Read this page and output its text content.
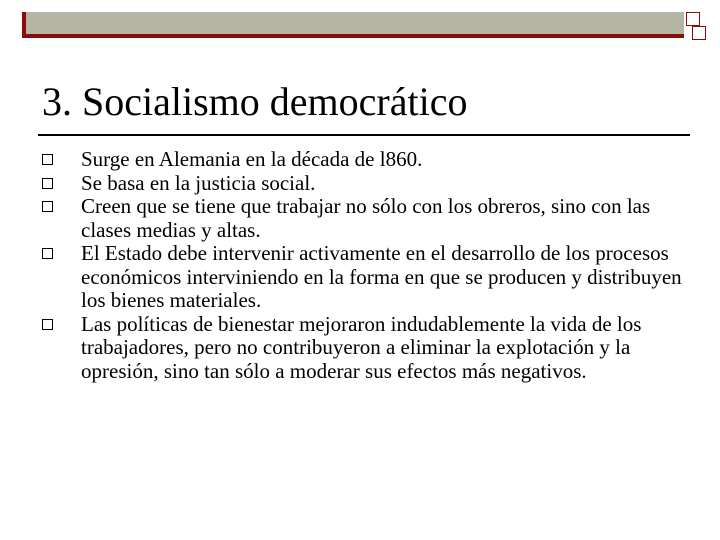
3. Socialismo democrático
Surge en Alemania en la década de l860.
Se basa en la justicia social.
Creen que se tiene que trabajar no sólo con los obreros, sino con las clases medias y altas.
El Estado debe intervenir activamente en el desarrollo de los procesos económicos interviniendo en la forma en que se producen y distribuyen los bienes materiales.
Las políticas de bienestar mejoraron indudablemente la vida de los trabajadores, pero no contribuyeron a eliminar la explotación y la opresión, sino tan sólo a moderar sus efectos más negativos.
